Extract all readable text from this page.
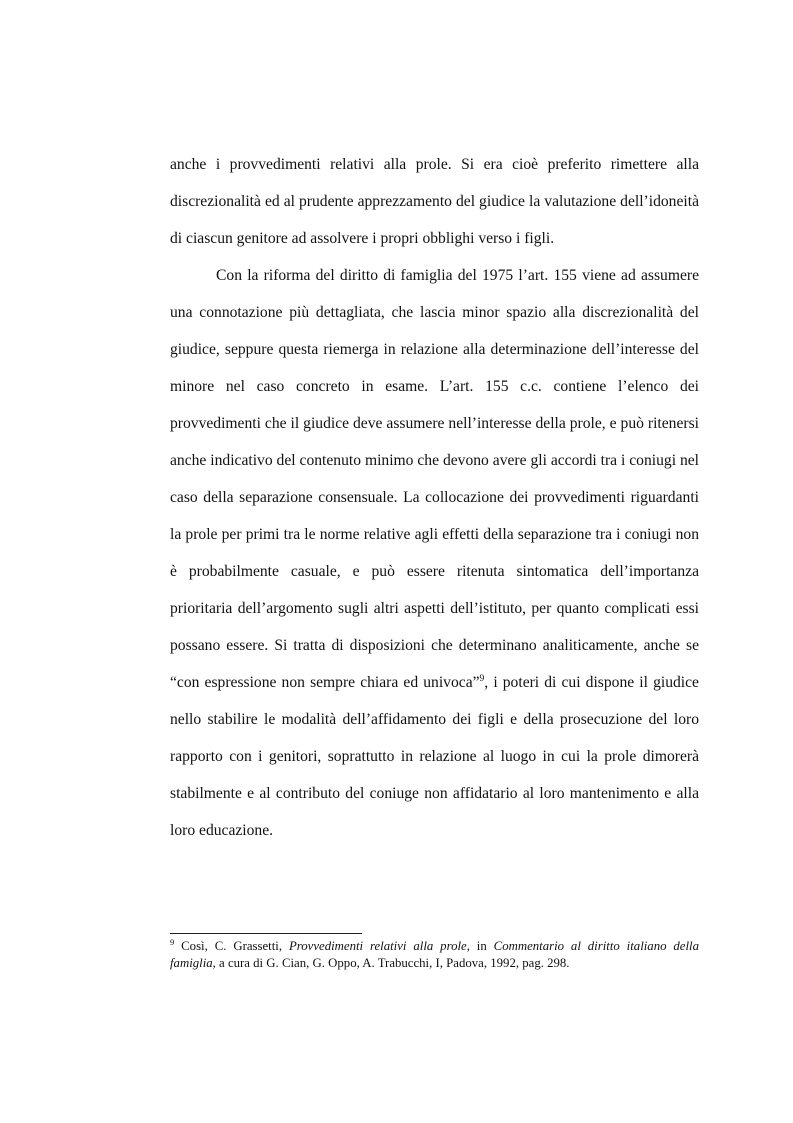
anche i provvedimenti relativi alla prole. Si era cioè preferito rimettere alla discrezionalità ed al prudente apprezzamento del giudice la valutazione dell’idoneità di ciascun genitore ad assolvere i propri obblighi verso i figli.

Con la riforma del diritto di famiglia del 1975 l’art. 155 viene ad assumere una connotazione più dettagliata, che lascia minor spazio alla discrezionalità del giudice, seppure questa riemerga in relazione alla determinazione dell’interesse del minore nel caso concreto in esame. L’art. 155 c.c. contiene l’elenco dei provvedimenti che il giudice deve assumere nell’interesse della prole, e può ritenersi anche indicativo del contenuto minimo che devono avere gli accordi tra i coniugi nel caso della separazione consensuale. La collocazione dei provvedimenti riguardanti la prole per primi tra le norme relative agli effetti della separazione tra i coniugi non è probabilmente casuale, e può essere ritenuta sintomatica dell’importanza prioritaria dell’argomento sugli altri aspetti dell’istituto, per quanto complicati essi possano essere. Si tratta di disposizioni che determinano analiticamente, anche se “con espressione non sempre chiara ed univoca”$^9$, i poteri di cui dispone il giudice nello stabilire le modalità dell’affidamento dei figli e della prosecuzione del loro rapporto con i genitori, soprattutto in relazione al luogo in cui la prole dimorerà stabilmente e al contributo del coniuge non affidatario al loro mantenimento e alla loro educazione.

$^9$ Così, C. Grassetti, Provvedimenti relativi alla prole, in Commentario al diritto italiano della famiglia, a cura di G. Cian, G. Oppo, A. Trabucchi, I, Padova, 1992, pag. 298.
